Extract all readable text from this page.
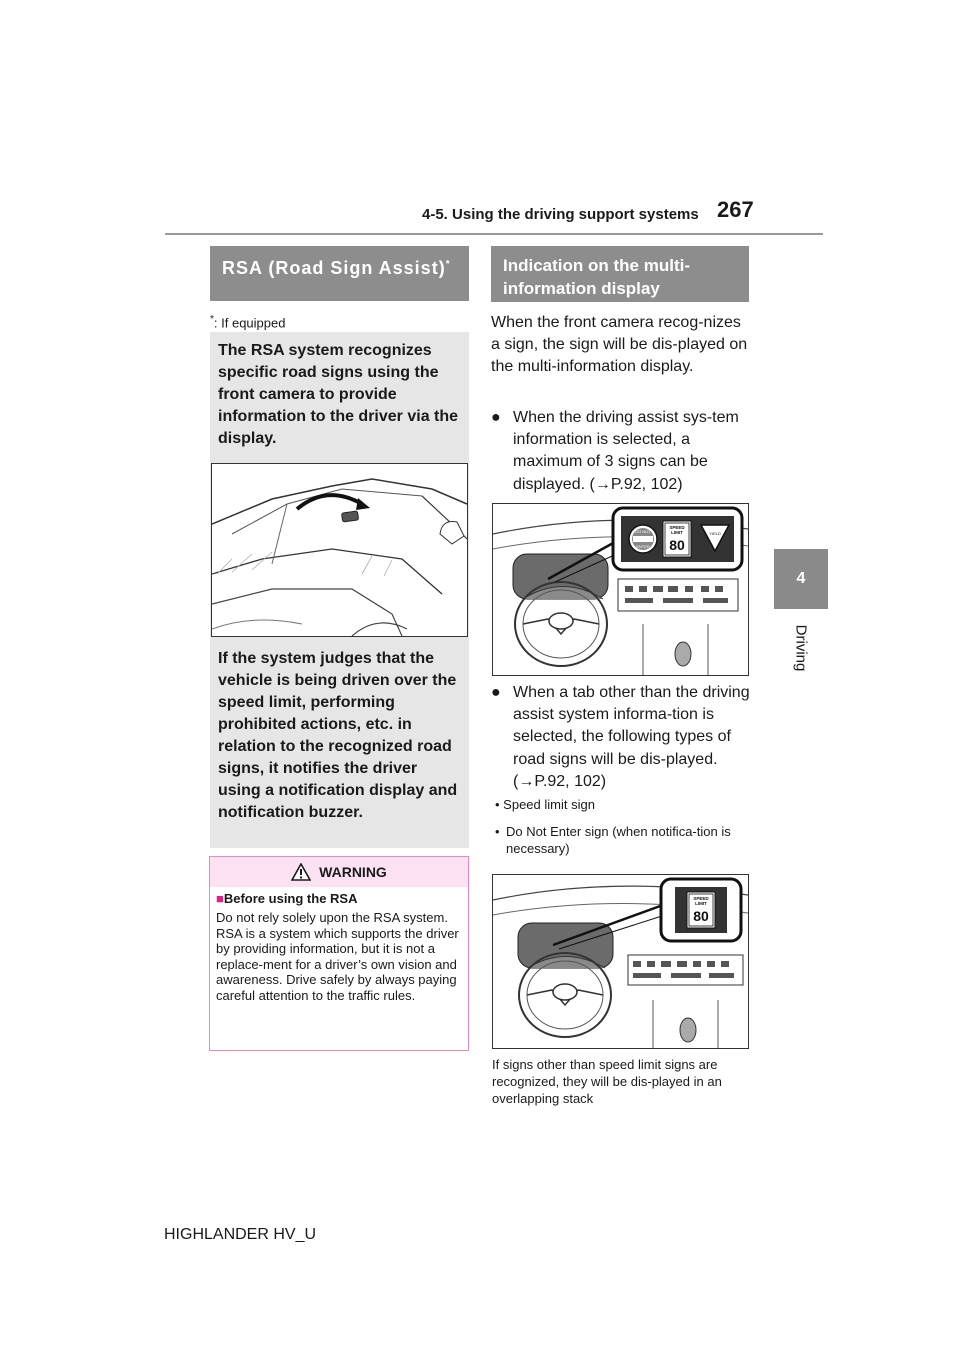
4-5. Using the driving support systems 267
4
Driving
RSA (Road Sign Assist)*
*: If equipped
The RSA system recognizes specific road signs using the front camera to provide information to the driver via the display.
If the system judges that the vehicle is being driven over the speed limit, performing prohibited actions, etc. in relation to the recognized road signs, it notifies the driver using a notification display and notification buzzer.
WARNING
■Before using the RSA
Do not rely solely upon the RSA system. RSA is a system which supports the driver by providing information, but it is not a replace-ment for a driver’s own vision and awareness. Drive safely by always paying careful attention to the traffic rules.
Indication on the multi-information display
When the front camera recog-nizes a sign, the sign will be dis-played on the multi-information display.
● When the driving assist sys-tem information is selected, a maximum of 3 signs can be displayed. (→P.92, 102)
DO NOT
ENTER
SPEED
LIMIT
80
YIELD
● When a tab other than the driving assist system informa-tion is selected, the following types of road signs will be dis-played. (→P.92, 102)
• Speed limit sign
• Do Not Enter sign (when notifica-tion is necessary)
SPEED
LIMIT
80
If signs other than speed limit signs are recognized, they will be dis-played in an overlapping stack
HIGHLANDER HV_U
